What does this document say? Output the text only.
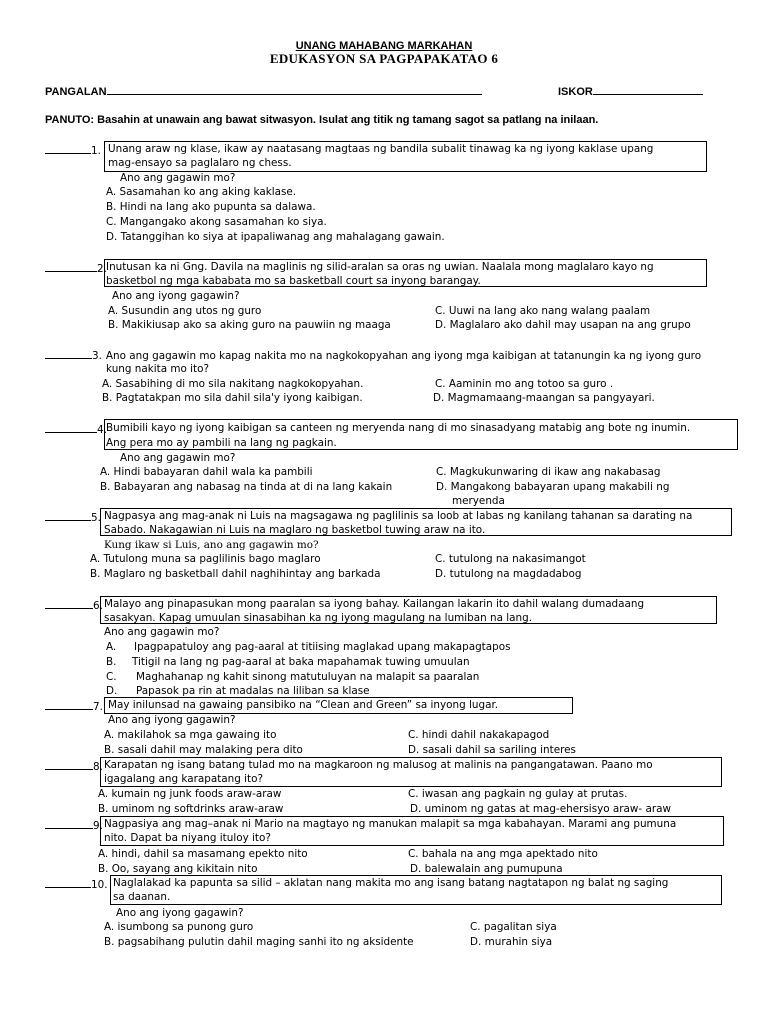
UNANG MAHABANG MARKAHAN
EDUKASYON SA PAGPAPAKATAO 6
PANGALAN	ISKOR
PANUTO: Basahin at unawain ang bawat sitwasyon. Isulat ang titik ng tamang sagot sa patlang na inilaan.
1. Unang araw ng klase, ikaw ay naatasang magtaas ng bandila subalit tinawag ka ng iyong kaklase upang
mag-ensayo sa paglalaro ng chess.
Ano ang gagawin mo?
A. Sasamahan ko ang aking kaklase.
B. Hindi na lang ako pupunta sa dalawa.
C. Mangangako akong sasamahan ko siya.
D. Tatanggihan ko siya at ipapaliwanag ang mahalagang gawain.
2. Inutusan ka ni Gng. Davila na maglinis ng silid-aralan sa oras ng uwian. Naalala mong maglalaro kayo ng
basketbol ng mga kababata mo sa basketball court sa inyong barangay.
Ano ang iyong gagawin?
A. Susundin ang utos ng guro	C. Uuwi na lang ako nang walang paalam
B. Makikiusap ako sa aking guro na pauwiin ng maaga	D. Maglalaro ako dahil may usapan na ang grupo
3. Ano ang gagawin mo kapag nakita mo na nagkokopyahan ang iyong mga kaibigan at tatanungin ka ng iyong guro
kung nakita mo ito?
A. Sasabihing di mo sila nakitang nagkokopyahan.	C. Aaminin mo ang totoo sa guro .
B. Pagtatakpan mo sila dahil sila'y iyong kaibigan.	D. Magmamaang-maangan sa pangyayari.
4. Bumibili kayo ng iyong kaibigan sa canteen ng meryenda nang di mo sinasadyang matabig ang bote ng inumin.
Ang pera mo ay pambili na lang ng pagkain.
Ano ang gagawin mo?
A. Hindi babayaran dahil wala ka pambili	C. Magkukunwaring di ikaw ang nakabasag
B. Babayaran ang nabasag na tinda at di na lang kakain	D. Mangakong babayaran upang makabili ng
meryenda
5. Nagpasya ang mag-anak ni Luis na magsagawa ng paglilinis sa loob at labas ng kanilang tahanan sa darating na
Sabado. Nakagawian ni Luis na maglaro ng basketbol tuwing araw na ito.
Kung ikaw si Luis, ano ang gagawin mo?
A. Tutulong muna sa paglilinis bago maglaro	C. tutulong na nakasimangot
B. Maglaro ng basketball dahil naghihintay ang barkada	D. tutulong na magdadabog
6. Malayo ang pinapasukan mong paaralan sa iyong bahay. Kailangan lakarin ito dahil walang dumadaang
sasakyan. Kapag umuulan sinasabihan ka ng iyong magulang na lumiban na lang.
Ano ang gagawin mo?
A. Ipagpapatuloy ang pag-aaral at titiising maglakad upang makapagtapos
B. Titigil na lang ng pag-aaral at baka mapahamak tuwing umuulan
C. Maghahanap ng kahit sinong matutuluyan na malapit sa paaralan
D. Papasok pa rin at madalas na liliban sa klase
7. May inilunsad na gawaing pansibiko na “Clean and Green” sa inyong lugar.
Ano ang iyong gagawin?
A. makilahok sa mga gawaing ito	C. hindi dahil nakakapagod
B. sasali dahil may malaking pera dito	D. sasali dahil sa sariling interes
8. Karapatan ng isang batang tulad mo na magkaroon ng malusog at malinis na pangangatawan. Paano mo
igagalang ang karapatang ito?
A. kumain ng junk foods araw-araw	C. iwasan ang pagkain ng gulay at prutas.
B. uminom ng softdrinks araw-araw	D. uminom ng gatas at mag-ehersisyo araw- araw
9. Nagpasiya ang mag–anak ni Mario na magtayo ng manukan malapit sa mga kabahayan. Marami ang pumuna
nito. Dapat ba niyang ituloy ito?
A. hindi, dahil sa masamang epekto nito	C. bahala na ang mga apektado nito
B. Oo, sayang ang kikitain nito	D. balewalain ang pumupuna
10. Naglalakad ka papunta sa silid – aklatan nang makita mo ang isang batang nagtatapon ng balat ng saging
sa daanan.
Ano ang iyong gagawin?
A. isumbong sa punong guro	C. pagalitan siya
B. pagsabihang pulutin dahil maging sanhi ito ng aksidente	D. murahin siya
